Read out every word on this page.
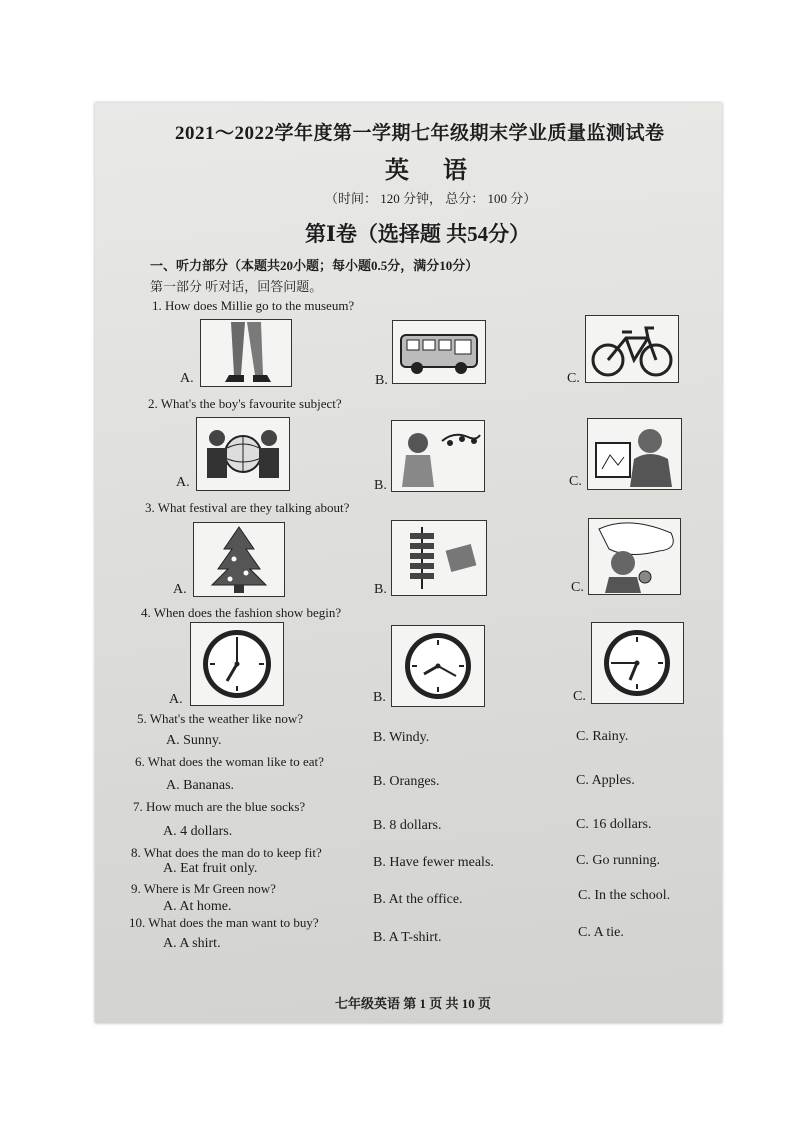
2021～2022学年度第一学期七年级期末学业质量监测试卷
英 语
（时间： 120 分钟， 总分： 100 分）
第Ⅰ卷（选择题 共54分）
一、听力部分（本题共20小题；每小题0.5分，满分10分）
第一部分 听对话，回答问题。
1. How does Millie go to the museum?
A.	B.	C.
2. What's the boy's favourite subject?
A.	B.	C.
3. What festival are they talking about?
A.	B.	C.
4. When does the fashion show begin?
A.	B.	C.
5. What's the weather like now?
A. Sunny.	B. Windy.	C. Rainy.
6. What does the woman like to eat?
A. Bananas.	B. Oranges.	C. Apples.
7. How much are the blue socks?
A. 4 dollars.	B. 8 dollars.	C. 16 dollars.
8. What does the man do to keep fit?
A. Eat fruit only.	B. Have fewer meals.	C. Go running.
9. Where is Mr Green now?
A. At home.	B. At the office.	C. In the school.
10. What does the man want to buy?
A. A shirt.	B. A T-shirt.	C. A tie.
七年级英语 第 1 页 共 10 页
